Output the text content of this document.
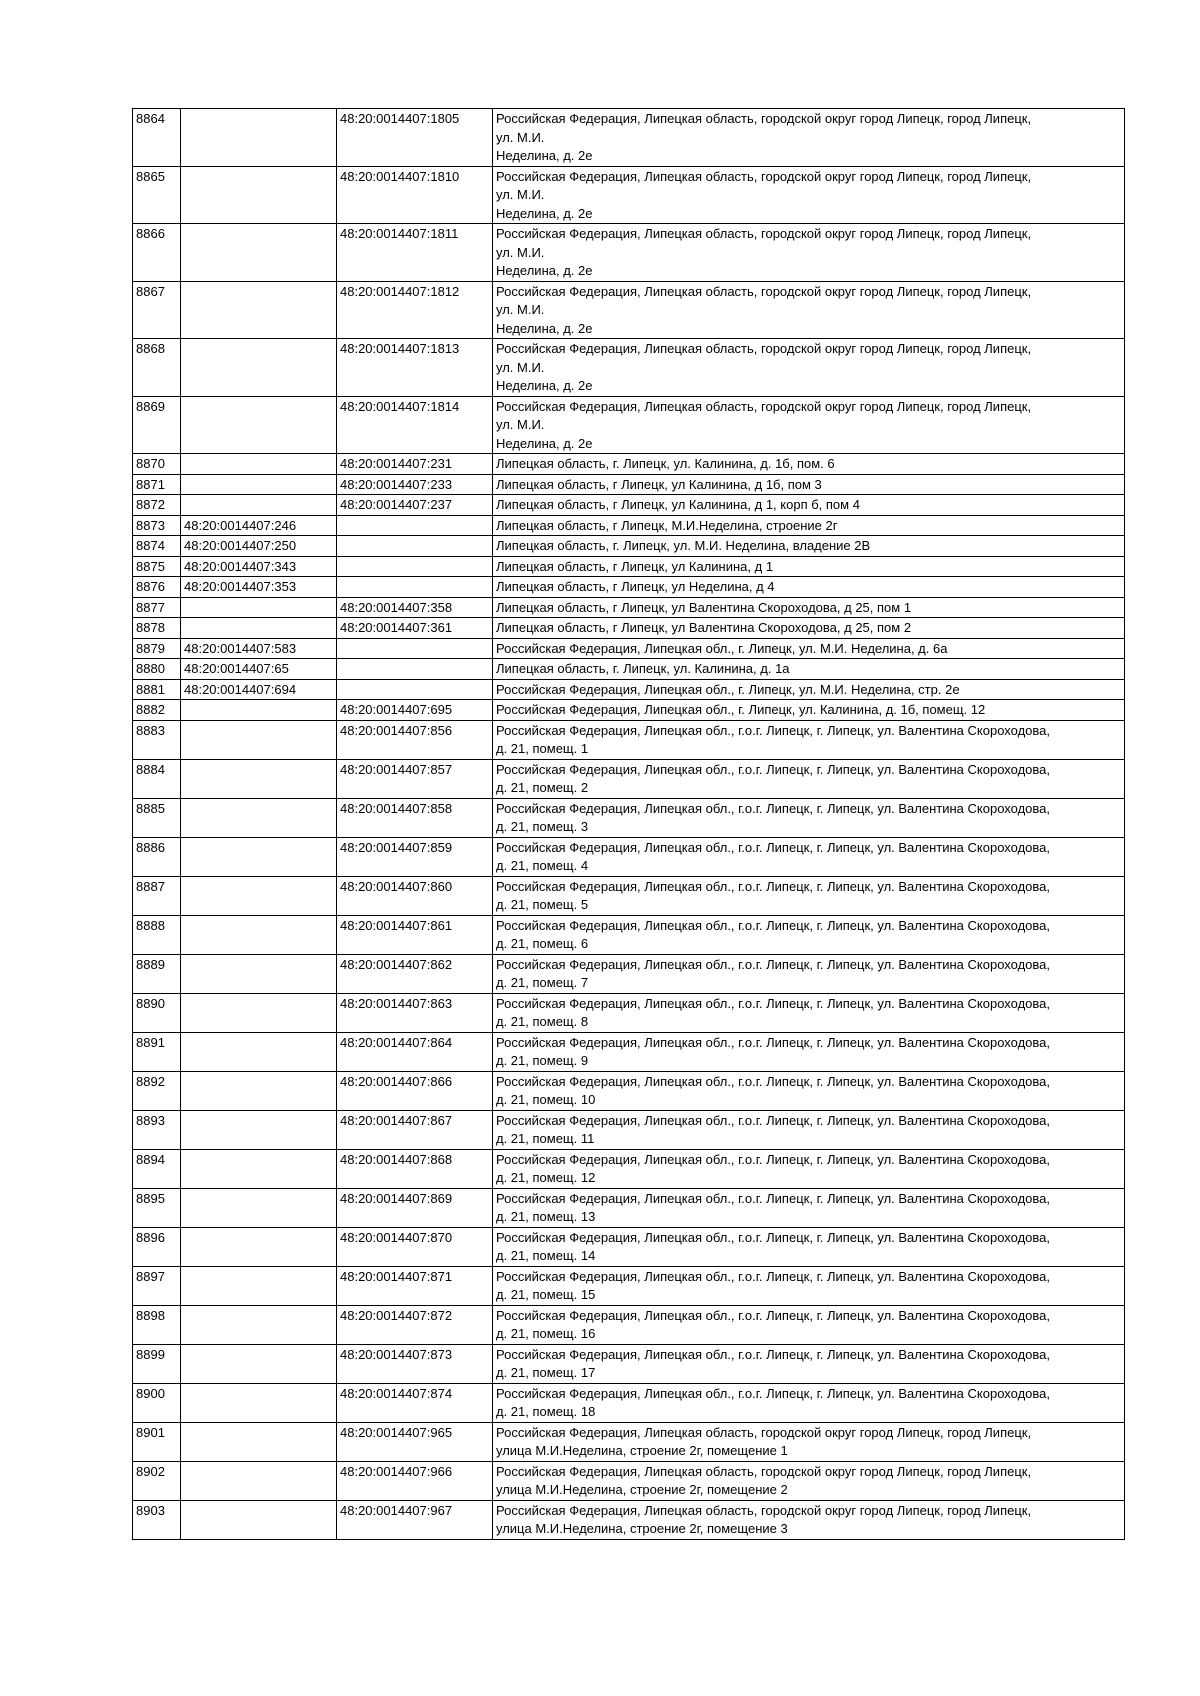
8864		48:20:0014407:1805	Российская Федерация, Липецкая область, городской округ город Липецк, город Липецк,
ул. М.И.
Неделина, д. 2е

8865		48:20:0014407:1810	Российская Федерация, Липецкая область, городской округ город Липецк, город Липецк,
ул. М.И.
Неделина, д. 2е

8866		48:20:0014407:1811	Российская Федерация, Липецкая область, городской округ город Липецк, город Липецк,
ул. М.И.
Неделина, д. 2е

8867		48:20:0014407:1812	Российская Федерация, Липецкая область, городской округ город Липецк, город Липецк,
ул. М.И.
Неделина, д. 2е

8868		48:20:0014407:1813	Российская Федерация, Липецкая область, городской округ город Липецк, город Липецк,
ул. М.И.
Неделина, д. 2е

8869		48:20:0014407:1814	Российская Федерация, Липецкая область, городской округ город Липецк, город Липецк,
ул. М.И.
Неделина, д. 2е

8870		48:20:0014407:231	Липецкая область, г. Липецк, ул. Калинина, д. 1б, пом. 6

8871		48:20:0014407:233	Липецкая область, г Липецк, ул Калинина, д 1б, пом 3

8872		48:20:0014407:237	Липецкая область, г Липецк, ул Калинина, д 1, корп б, пом 4

8873	48:20:0014407:246		Липецкая область, г Липецк, М.И.Неделина, строение 2г

8874	48:20:0014407:250		Липецкая область, г. Липецк, ул. М.И. Неделина, владение 2В

8875	48:20:0014407:343		Липецкая область, г Липецк, ул Калинина, д 1

8876	48:20:0014407:353		Липецкая область, г Липецк, ул Неделина, д 4

8877		48:20:0014407:358	Липецкая область, г Липецк, ул Валентина Скороходова, д 25, пом 1

8878		48:20:0014407:361	Липецкая область, г Липецк, ул Валентина Скороходова, д 25, пом 2

8879	48:20:0014407:583		Российская Федерация, Липецкая обл., г. Липецк, ул. М.И. Неделина, д. 6а

8880	48:20:0014407:65		Липецкая область, г. Липецк, ул. Калинина, д. 1а

8881	48:20:0014407:694		Российская Федерация, Липецкая обл., г. Липецк, ул. М.И. Неделина, стр. 2е

8882		48:20:0014407:695	Российская Федерация, Липецкая обл., г. Липецк, ул. Калинина, д. 1б, помещ. 12

8883		48:20:0014407:856	Российская Федерация, Липецкая обл., г.о.г. Липецк, г. Липецк, ул. Валентина Скороходова,
д. 21, помещ. 1

8884		48:20:0014407:857	Российская Федерация, Липецкая обл., г.о.г. Липецк, г. Липецк, ул. Валентина Скороходова,
д. 21, помещ. 2

8885		48:20:0014407:858	Российская Федерация, Липецкая обл., г.о.г. Липецк, г. Липецк, ул. Валентина Скороходова,
д. 21, помещ. 3

8886		48:20:0014407:859	Российская Федерация, Липецкая обл., г.о.г. Липецк, г. Липецк, ул. Валентина Скороходова,
д. 21, помещ. 4

8887		48:20:0014407:860	Российская Федерация, Липецкая обл., г.о.г. Липецк, г. Липецк, ул. Валентина Скороходова,
д. 21, помещ. 5

8888		48:20:0014407:861	Российская Федерация, Липецкая обл., г.о.г. Липецк, г. Липецк, ул. Валентина Скороходова,
д. 21, помещ. 6

8889		48:20:0014407:862	Российская Федерация, Липецкая обл., г.о.г. Липецк, г. Липецк, ул. Валентина Скороходова,
д. 21, помещ. 7

8890		48:20:0014407:863	Российская Федерация, Липецкая обл., г.о.г. Липецк, г. Липецк, ул. Валентина Скороходова,
д. 21, помещ. 8

8891		48:20:0014407:864	Российская Федерация, Липецкая обл., г.о.г. Липецк, г. Липецк, ул. Валентина Скороходова,
д. 21, помещ. 9

8892		48:20:0014407:866	Российская Федерация, Липецкая обл., г.о.г. Липецк, г. Липецк, ул. Валентина Скороходова,
д. 21, помещ. 10

8893		48:20:0014407:867	Российская Федерация, Липецкая обл., г.о.г. Липецк, г. Липецк, ул. Валентина Скороходова,
д. 21, помещ. 11

8894		48:20:0014407:868	Российская Федерация, Липецкая обл., г.о.г. Липецк, г. Липецк, ул. Валентина Скороходова,
д. 21, помещ. 12

8895		48:20:0014407:869	Российская Федерация, Липецкая обл., г.о.г. Липецк, г. Липецк, ул. Валентина Скороходова,
д. 21, помещ. 13

8896		48:20:0014407:870	Российская Федерация, Липецкая обл., г.о.г. Липецк, г. Липецк, ул. Валентина Скороходова,
д. 21, помещ. 14

8897		48:20:0014407:871	Российская Федерация, Липецкая обл., г.о.г. Липецк, г. Липецк, ул. Валентина Скороходова,
д. 21, помещ. 15

8898		48:20:0014407:872	Российская Федерация, Липецкая обл., г.о.г. Липецк, г. Липецк, ул. Валентина Скороходова,
д. 21, помещ. 16

8899		48:20:0014407:873	Российская Федерация, Липецкая обл., г.о.г. Липецк, г. Липецк, ул. Валентина Скороходова,
д. 21, помещ. 17

8900		48:20:0014407:874	Российская Федерация, Липецкая обл., г.о.г. Липецк, г. Липецк, ул. Валентина Скороходова,
д. 21, помещ. 18

8901		48:20:0014407:965	Российская Федерация, Липецкая область, городской округ город Липецк, город Липецк,
улица М.И.Неделина, строение 2г, помещение 1

8902		48:20:0014407:966	Российская Федерация, Липецкая область, городской округ город Липецк, город Липецк,
улица М.И.Неделина, строение 2г, помещение 2

8903		48:20:0014407:967	Российская Федерация, Липецкая область, городской округ город Липецк, город Липецк,
улица М.И.Неделина, строение 2г, помещение 3
